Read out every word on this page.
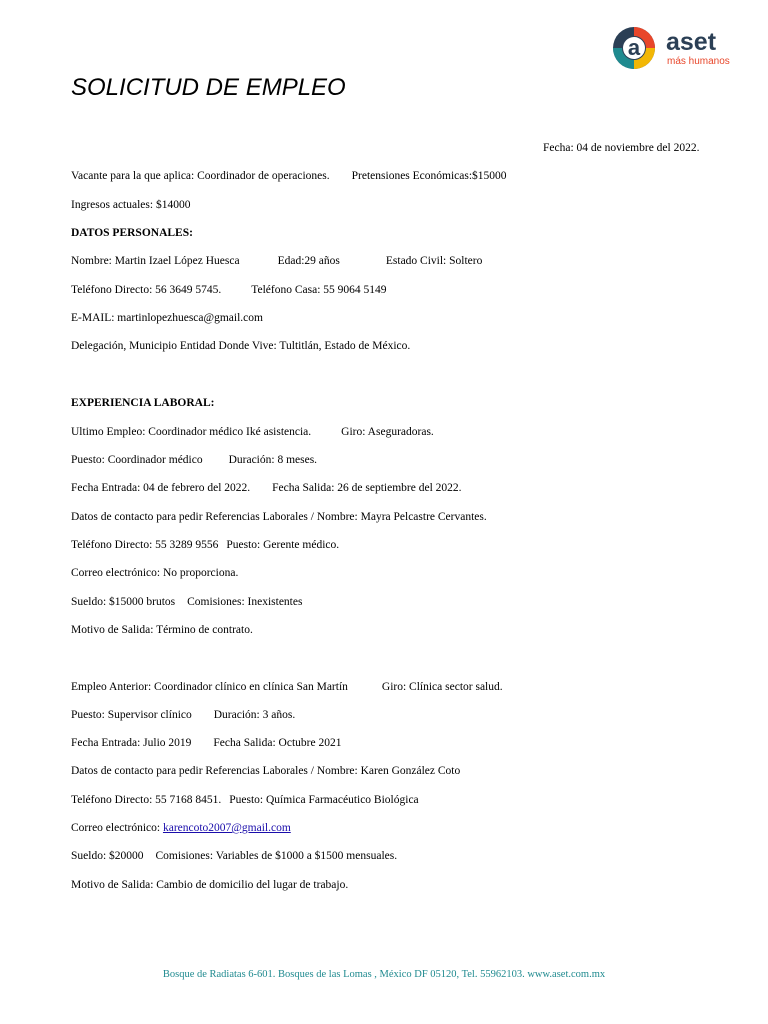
a aset
más humanos
SOLICITUD DE EMPLEO
Fecha: 04 de noviembre del 2022.
Vacante para la que aplica: Coordinador de operaciones. Pretensiones Económicas:$15000
Ingresos actuales: $14000
DATOS PERSONALES:
Nombre: Martin Izael López Huesca	Edad:29 años	Estado Civil: Soltero
Teléfono Directo: 56 3649 5745.	Teléfono Casa: 55 9064 5149
E-MAIL: martinlopezhuesca@gmail.com
Delegación, Municipio Entidad Donde Vive: Tultitlán, Estado de México.
EXPERIENCIA LABORAL:
Ultimo Empleo: Coordinador médico Iké asistencia.	Giro: Aseguradoras.
Puesto: Coordinador médico Duración: 8 meses.
Fecha Entrada: 04 de febrero del 2022. Fecha Salida: 26 de septiembre del 2022.
Datos de contacto para pedir Referencias Laborales / Nombre: Mayra Pelcastre Cervantes.
Teléfono Directo: 55 3289 9556 Puesto: Gerente médico.
Correo electrónico: No proporciona.
Sueldo: $15000 brutos Comisiones: Inexistentes
Motivo de Salida: Término de contrato.
Empleo Anterior: Coordinador clínico en clínica San Martín	Giro: Clínica sector salud.
Puesto: Supervisor clínico Duración: 3 años.
Fecha Entrada: Julio 2019 Fecha Salida: Octubre 2021
Datos de contacto para pedir Referencias Laborales / Nombre: Karen González Coto
Teléfono Directo: 55 7168 8451. Puesto: Química Farmacéutico Biológica
Correo electrónico: karencoto2007@gmail.com
Sueldo: $20000 Comisiones: Variables de $1000 a $1500 mensuales.
Motivo de Salida: Cambio de domicilio del lugar de trabajo.
Bosque de Radiatas 6-601. Bosques de las Lomas , México DF 05120, Tel. 55962103. www.aset.com.mx
